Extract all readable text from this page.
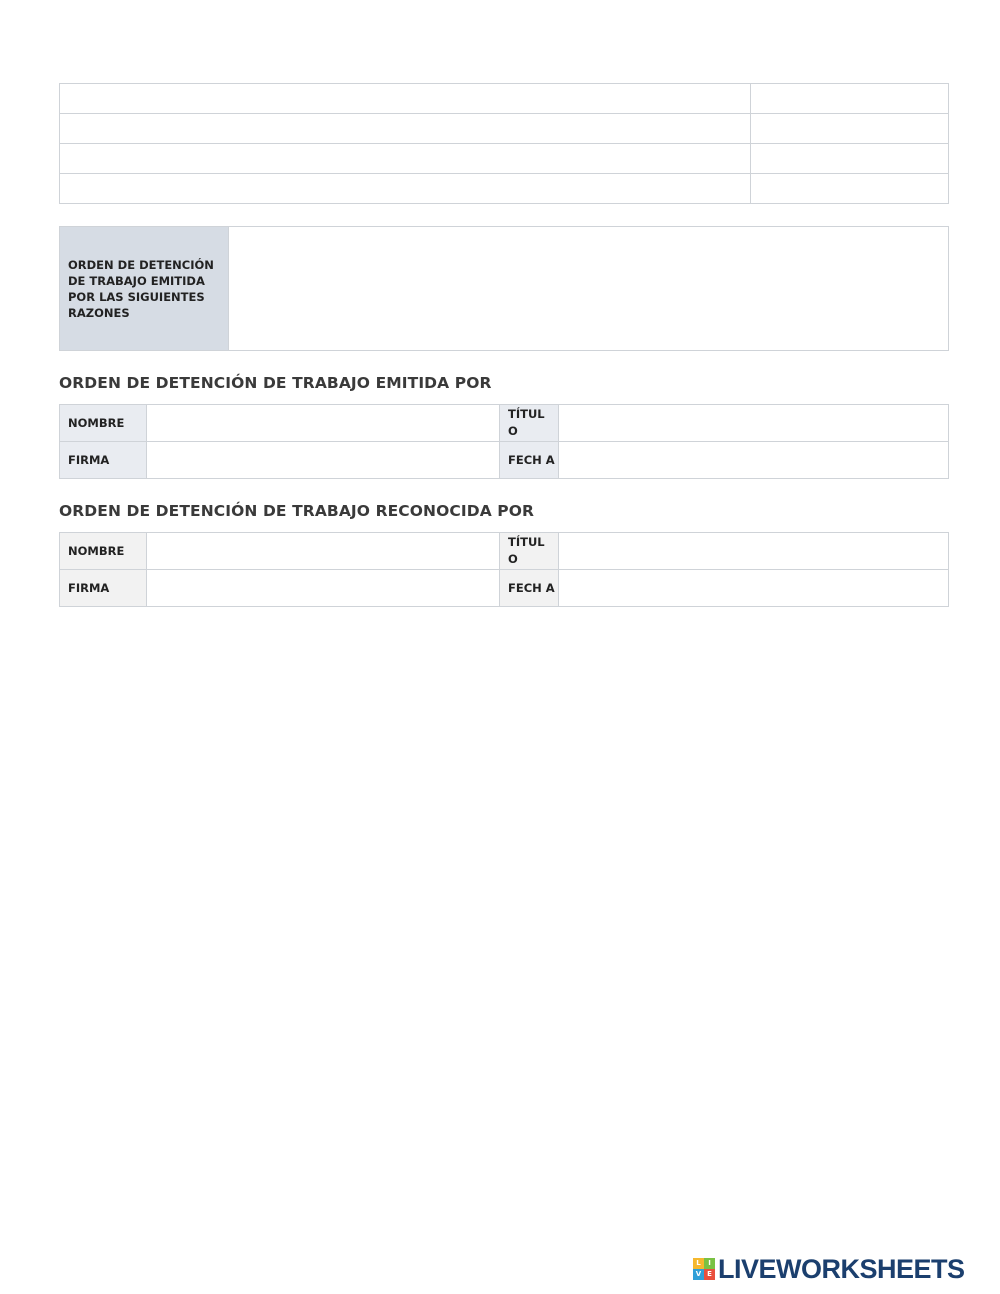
ORDEN DE DETENCIÓN DE TRABAJO EMITIDA POR LAS SIGUIENTES RAZONES	
ORDEN DE DETENCIÓN DE TRABAJO EMITIDA POR
NOMBRE		TÍTUL O	
FIRMA		FECH A	
ORDEN DE DETENCIÓN DE TRABAJO RECONOCIDA POR
NOMBRE		TÍTUL O	
FIRMA		FECH A	
L	I
V E LIVEWORKSHEETS
